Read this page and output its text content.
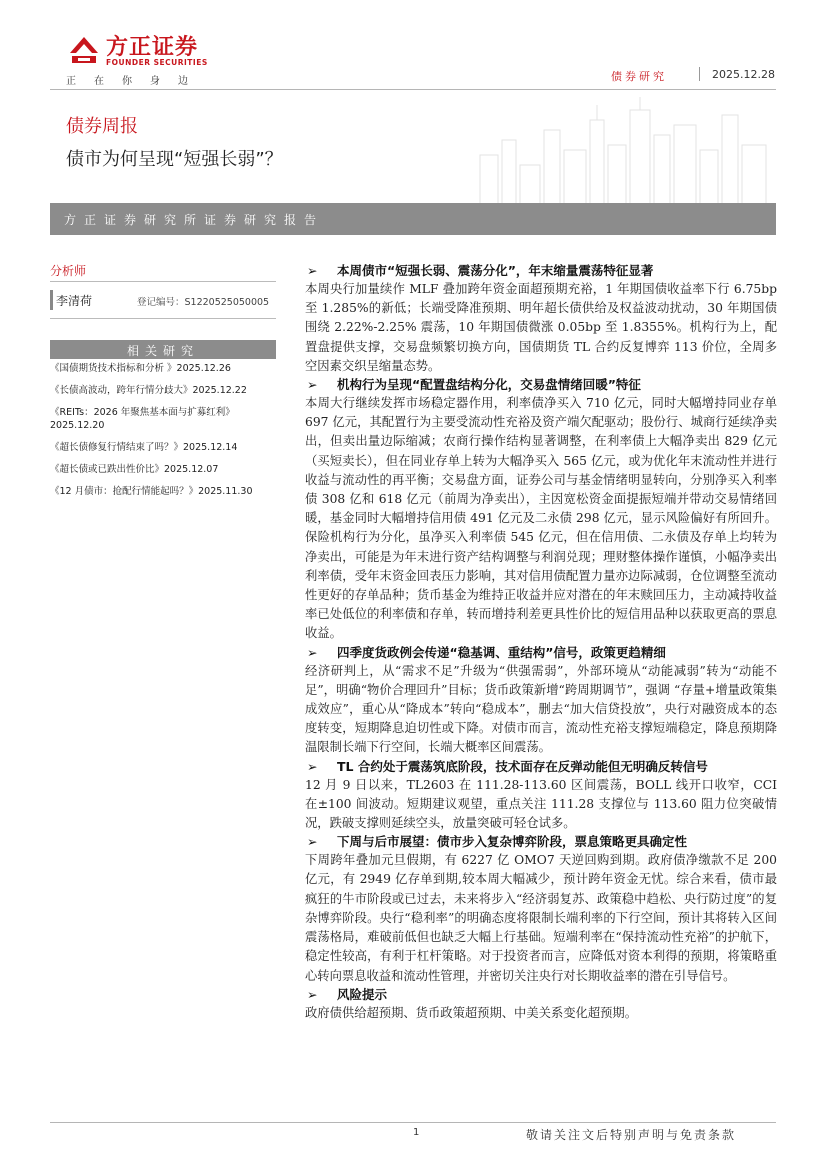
方正证券
FOUNDER SECURITIES
正在你身边	债券研究	2025.12.28
债券周报
债市为何呈现“短强长弱”？
方正证券研究所证券研究报告
分析师
李清荷	登记编号：S1220525050005
相关研究
《国债期货技术指标和分析 》2025.12.26
《长债高波动，跨年行情分歧大》2025.12.22
《REITs：2026 年聚焦基本面与扩募红利》2025.12.20
《超长债修复行情结束了吗？》2025.12.14
《超长债或已跌出性价比》2025.12.07
《12 月债市：抢配行情能起吗？》2025.11.30
➢ 本周债市“短强长弱、震荡分化”，年末缩量震荡特征显著
本周央行加量续作 MLF 叠加跨年资金面超预期充裕，1 年期国债收益率下行 6.75bp 至 1.285%的新低；长端受降准预期、明年超长债供给及权益波动扰动，30 年期国债围绕 2.22%-2.25% 震荡，10 年期国债微涨 0.05bp 至 1.8355%。机构行为上，配置盘提供支撑，交易盘频繁切换方向，国债期货 TL 合约反复博弈 113 价位，全周多空因素交织呈缩量态势。
➢ 机构行为呈现“配置盘结构分化，交易盘情绪回暖”特征
本周大行继续发挥市场稳定器作用，利率债净买入 710 亿元，同时大幅增持同业存单 697 亿元，其配置行为主要受流动性充裕及资产端欠配驱动；股份行、城商行延续净卖出，但卖出量边际缩减；农商行操作结构显著调整，在利率债上大幅净卖出 829 亿元（买短卖长），但在同业存单上转为大幅净买入 565 亿元，或为优化年末流动性并进行收益与流动性的再平衡；交易盘方面，证券公司与基金情绪明显转向，分别净买入利率债 308 亿和 618 亿元（前周为净卖出），主因宽松资金面提振短端并带动交易情绪回暖，基金同时大幅增持信用债 491 亿元及二永债 298 亿元，显示风险偏好有所回升。保险机构行为分化，虽净买入利率债 545 亿元，但在信用债、二永债及存单上均转为净卖出，可能是为年末进行资产结构调整与利润兑现；理财整体操作谨慎，小幅净卖出利率债，受年末资金回表压力影响，其对信用债配置力量亦边际减弱，仓位调整至流动性更好的存单品种；货币基金为维持正收益并应对潜在的年末赎回压力，主动减持收益率已处低位的利率债和存单，转而增持利差更具性价比的短信用品种以获取更高的票息收益。
➢ 四季度货政例会传递“稳基调、重结构”信号，政策更趋精细
经济研判上，从“需求不足”升级为“供强需弱”，外部环境从“动能减弱”转为“动能不足”，明确“物价合理回升”目标；货币政策新增“跨周期调节”，强调 “存量+增量政策集成效应”，重心从“降成本”转向“稳成本”，删去“加大信贷投放”，央行对融资成本的态度转变，短期降息迫切性或下降。对债市而言，流动性充裕支撑短端稳定，降息预期降温限制长端下行空间，长端大概率区间震荡。
➢ TL 合约处于震荡筑底阶段，技术面存在反弹动能但无明确反转信号
12 月 9 日以来，TL2603 在 111.28-113.60 区间震荡，BOLL 线开口收窄，CCI 在±100 间波动。短期建议观望，重点关注 111.28 支撑位与 113.60 阻力位突破情况，跌破支撑则延续空头，放量突破可轻仓试多。
➢ 下周与后市展望：债市步入复杂博弈阶段，票息策略更具确定性
下周跨年叠加元旦假期，有 6227 亿 OMO7 天逆回购到期。政府债净缴款不足 200 亿元，有 2949 亿存单到期,较本周大幅减少，预计跨年资金无忧。综合来看，债市最疯狂的牛市阶段或已过去，未来将步入“经济弱复苏、政策稳中趋松、央行防过度”的复杂博弈阶段。央行“稳利率”的明确态度将限制长端利率的下行空间，预计其将转入区间震荡格局，难破前低但也缺乏大幅上行基础。短端利率在“保持流动性充裕”的护航下，稳定性较高，有利于杠杆策略。对于投资者而言，应降低对资本利得的预期，将策略重心转向票息收益和流动性管理，并密切关注央行对长期收益率的潜在引导信号。
➢ 风险提示
政府债供给超预期、货币政策超预期、中美关系变化超预期。
1	敬请关注文后特别声明与免责条款
